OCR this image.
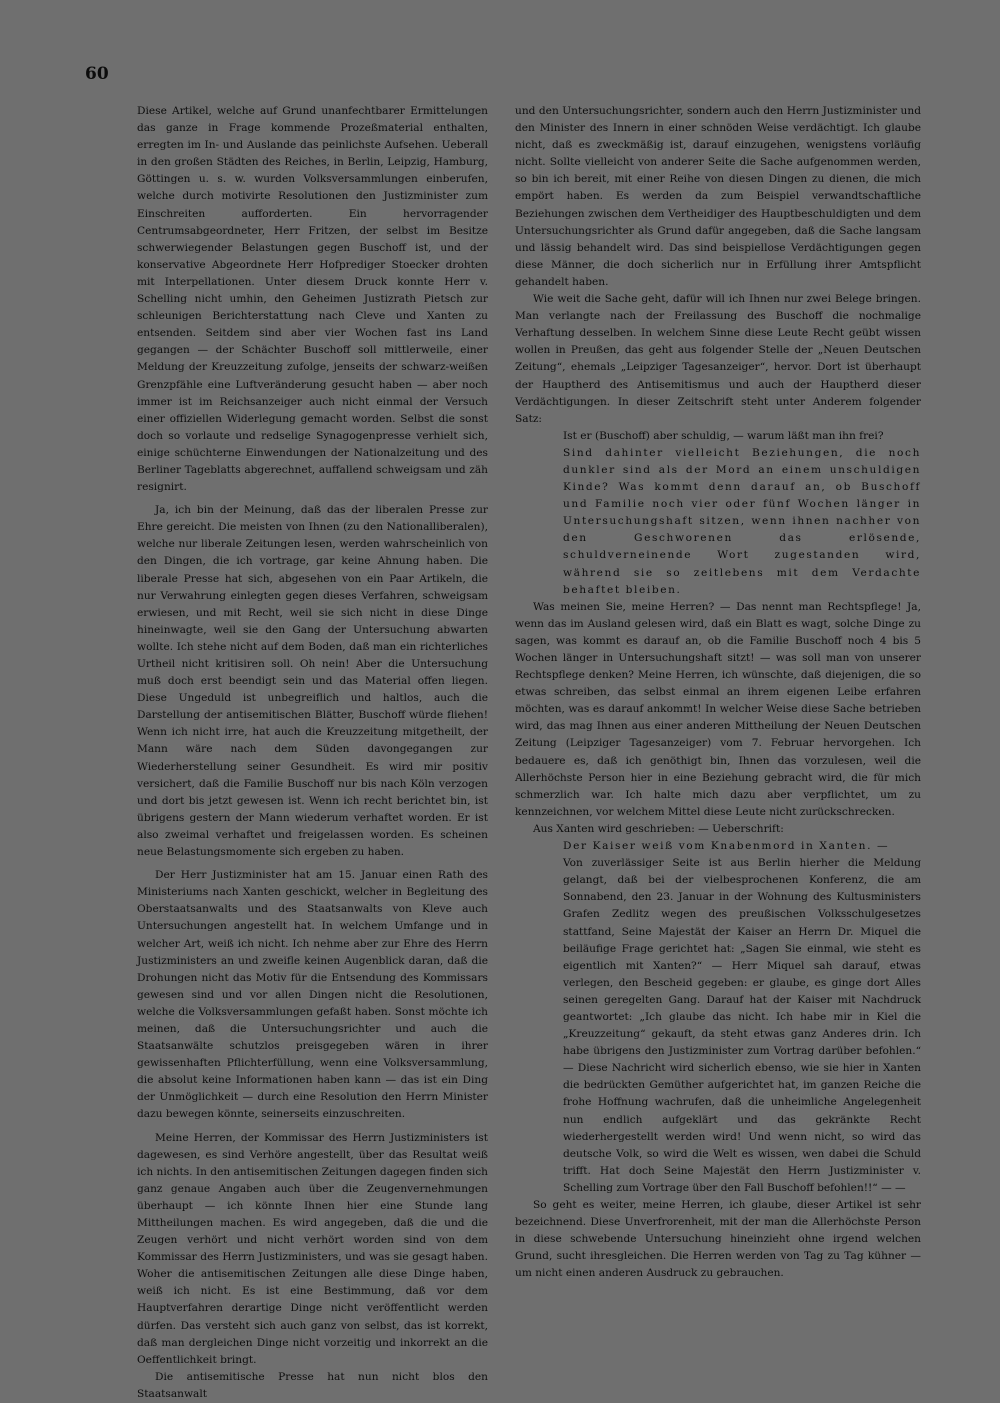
60

Diese Artikel, welche auf Grund unanfechtbarer Ermittelungen das ganze in Frage kommende Prozeßmaterial enthalten, erregten im In- und Auslande das peinlichste Aufsehen. Ueberall in den großen Städten des Reiches, in Berlin, Leipzig, Hamburg, Göttingen u. s. w. wurden Volksversammlungen einberufen, welche durch motivirte Resolutionen den Justizminister zum Einschreiten aufforderten. Ein hervorragender Centrumsabgeordneter, Herr Fritzen, der selbst im Besitze schwerwiegender Belastungen gegen Buschoff ist, und der konservative Abgeordnete Herr Hofprediger Stoecker drohten mit Interpellationen. Unter diesem Druck konnte Herr v. Schelling nicht umhin, den Geheimen Justizrath Pietsch zur schleunigen Berichterstattung nach Cleve und Xanten zu entsenden. Seitdem sind aber vier Wochen fast ins Land gegangen — der Schächter Buschoff soll mittlerweile, einer Meldung der Kreuzzeitung zufolge, jenseits der schwarz-weißen Grenzpfähle eine Luftveränderung gesucht haben — aber noch immer ist im Reichsanzeiger auch nicht einmal der Versuch einer offiziellen Widerlegung gemacht worden. Selbst die sonst doch so vorlaute und redselige Synagogenpresse verhielt sich, einige schüchterne Einwendungen der Nationalzeitung und des Berliner Tageblatts abgerechnet, auffallend schweigsam und zäh resignirt.

Ja, ich bin der Meinung, daß das der liberalen Presse zur Ehre gereicht. Die meisten von Ihnen (zu den Nationalliberalen), welche nur liberale Zeitungen lesen, werden wahrscheinlich von den Dingen, die ich vortrage, gar keine Ahnung haben. Die liberale Presse hat sich, abgesehen von ein Paar Artikeln, die nur Verwahrung einlegten gegen dieses Verfahren, schweigsam erwiesen, und mit Recht, weil sie sich nicht in diese Dinge hineinwagte, weil sie den Gang der Untersuchung abwarten wollte. Ich stehe nicht auf dem Boden, daß man ein richterliches Urtheil nicht kritisiren soll. Oh nein! Aber die Untersuchung muß doch erst beendigt sein und das Material offen liegen. Diese Ungeduld ist unbegreiflich und haltlos, auch die Darstellung der antisemitischen Blätter, Buschoff würde fliehen! Wenn ich nicht irre, hat auch die Kreuzzeitung mitgetheilt, der Mann wäre nach dem Süden davongegangen zur Wiederherstellung seiner Gesundheit. Es wird mir positiv versichert, daß die Familie Buschoff nur bis nach Köln verzogen und dort bis jetzt gewesen ist. Wenn ich recht berichtet bin, ist übrigens gestern der Mann wiederum verhaftet worden. Er ist also zweimal verhaftet und freigelassen worden. Es scheinen neue Belastungsmomente sich ergeben zu haben.

Der Herr Justizminister hat am 15. Januar einen Rath des Ministeriums nach Xanten geschickt, welcher in Begleitung des Oberstaatsanwalts und des Staatsanwalts von Kleve auch Untersuchungen angestellt hat. In welchem Umfange und in welcher Art, weiß ich nicht. Ich nehme aber zur Ehre des Herrn Justizministers an und zweifle keinen Augenblick daran, daß die Drohungen nicht das Motiv für die Entsendung des Kommissars gewesen sind und vor allen Dingen nicht die Resolutionen, welche die Volksversammlungen gefaßt haben. Sonst möchte ich meinen, daß die Untersuchungsrichter und auch die Staatsanwälte schutzlos preisgegeben wären in ihrer gewissenhaften Pflichterfüllung, wenn eine Volksversammlung, die absolut keine Informationen haben kann — das ist ein Ding der Unmöglichkeit — durch eine Resolution den Herrn Minister dazu bewegen könnte, seinerseits einzuschreiten.

Meine Herren, der Kommissar des Herrn Justizministers ist dagewesen, es sind Verhöre angestellt, über das Resultat weiß ich nichts. In den antisemitischen Zeitungen dagegen finden sich ganz genaue Angaben auch über die Zeugenvernehmungen überhaupt — ich könnte Ihnen hier eine Stunde lang Mittheilungen machen. Es wird angegeben, daß die und die Zeugen verhört und nicht verhört worden sind von dem Kommissar des Herrn Justizministers, und was sie gesagt haben. Woher die antisemitischen Zeitungen alle diese Dinge haben, weiß ich nicht. Es ist eine Bestimmung, daß vor dem Hauptverfahren derartige Dinge nicht veröffentlicht werden dürfen. Das versteht sich auch ganz von selbst, das ist korrekt, daß man dergleichen Dinge nicht vorzeitig und inkorrekt an die Oeffentlichkeit bringt.

Die antisemitische Presse hat nun nicht blos den Staatsanwalt

und den Untersuchungsrichter, sondern auch den Herrn Justizminister und den Minister des Innern in einer schnöden Weise verdächtigt. Ich glaube nicht, daß es zweckmäßig ist, darauf einzugehen, wenigstens vorläufig nicht. Sollte vielleicht von anderer Seite die Sache aufgenommen werden, so bin ich bereit, mit einer Reihe von diesen Dingen zu dienen, die mich empört haben. Es werden da zum Beispiel verwandtschaftliche Beziehungen zwischen dem Vertheidiger des Hauptbeschuldigten und dem Untersuchungsrichter als Grund dafür angegeben, daß die Sache langsam und lässig behandelt wird. Das sind beispiellose Verdächtigungen gegen diese Männer, die doch sicherlich nur in Erfüllung ihrer Amtspflicht gehandelt haben.

Wie weit die Sache geht, dafür will ich Ihnen nur zwei Belege bringen. Man verlangte nach der Freilassung des Buschoff die nochmalige Verhaftung desselben. In welchem Sinne diese Leute Recht geübt wissen wollen in Preußen, das geht aus folgender Stelle der „Neuen Deutschen Zeitung“, ehemals „Leipziger Tagesanzeiger“, hervor. Dort ist überhaupt der Hauptherd des Antisemitismus und auch der Hauptherd dieser Verdächtigungen. In dieser Zeitschrift steht unter Anderem folgender Satz:

Ist er (Buschoff) aber schuldig, — warum läßt man ihn frei?

Sind dahinter vielleicht Beziehungen, die noch dunkler sind als der Mord an einem unschuldigen Kinde? Was kommt denn darauf an, ob Buschoff und Familie noch vier oder fünf Wochen länger in Untersuchungshaft sitzen, wenn ihnen nachher von den Geschworenen das erlösende, schuldverneinende Wort zugestanden wird, während sie so zeitlebens mit dem Verdachte behaftet bleiben.

Was meinen Sie, meine Herren? — Das nennt man Rechtspflege! Ja, wenn das im Ausland gelesen wird, daß ein Blatt es wagt, solche Dinge zu sagen, was kommt es darauf an, ob die Familie Buschoff noch 4 bis 5 Wochen länger in Untersuchungshaft sitzt! — was soll man von unserer Rechtspflege denken? Meine Herren, ich wünschte, daß diejenigen, die so etwas schreiben, das selbst einmal an ihrem eigenen Leibe erfahren möchten, was es darauf ankommt! In welcher Weise diese Sache betrieben wird, das mag Ihnen aus einer anderen Mittheilung der Neuen Deutschen Zeitung (Leipziger Tagesanzeiger) vom 7. Februar hervorgehen. Ich bedauere es, daß ich genöthigt bin, Ihnen das vorzulesen, weil die Allerhöchste Person hier in eine Beziehung gebracht wird, die für mich schmerzlich war. Ich halte mich dazu aber verpflichtet, um zu kennzeichnen, vor welchem Mittel diese Leute nicht zurückschrecken.

Aus Xanten wird geschrieben: — Ueberschrift:

Der Kaiser weiß vom Knabenmord in Xanten. —

Von zuverlässiger Seite ist aus Berlin hierher die Meldung gelangt, daß bei der vielbesprochenen Konferenz, die am Sonnabend, den 23. Januar in der Wohnung des Kultusministers Grafen Zedlitz wegen des preußischen Volksschulgesetzes stattfand, Seine Majestät der Kaiser an Herrn Dr. Miquel die beiläufige Frage gerichtet hat: „Sagen Sie einmal, wie steht es eigentlich mit Xanten?“ — Herr Miquel sah darauf, etwas verlegen, den Bescheid gegeben: er glaube, es ginge dort Alles seinen geregelten Gang. Darauf hat der Kaiser mit Nachdruck geantwortet: „Ich glaube das nicht. Ich habe mir in Kiel die „Kreuzzeitung“ gekauft, da steht etwas ganz Anderes drin. Ich habe übrigens den Justizminister zum Vortrag darüber befohlen.“ — Diese Nachricht wird sicherlich ebenso, wie sie hier in Xanten die bedrückten Gemüther aufgerichtet hat, im ganzen Reiche die frohe Hoffnung wachrufen, daß die unheimliche Angelegenheit nun endlich aufgeklärt und das gekränkte Recht wiederhergestellt werden wird! Und wenn nicht, so wird das deutsche Volk, so wird die Welt es wissen, wen dabei die Schuld trifft. Hat doch Seine Majestät den Herrn Justizminister v. Schelling zum Vortrage über den Fall Buschoff befohlen!!“ — —

So geht es weiter, meine Herren, ich glaube, dieser Artikel ist sehr bezeichnend. Diese Unverfrorenheit, mit der man die Allerhöchste Person in diese schwebende Untersuchung hineinzieht ohne irgend welchen Grund, sucht ihresgleichen. Die Herren werden von Tag zu Tag kühner — um nicht einen anderen Ausdruck zu gebrauchen.
